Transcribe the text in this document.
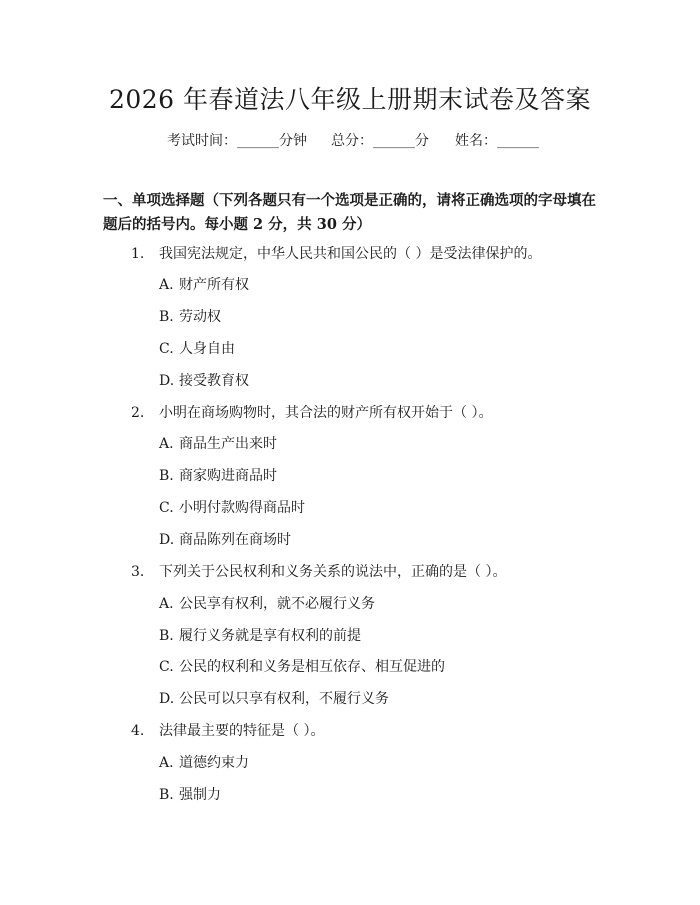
2026 年春道法八年级上册期末试卷及答案
考试时间：______分钟 总分：______分 姓名：______
一、单项选择题（下列各题只有一个选项是正确的，请将正确选项的字母填在题后的括号内。每小题 2 分，共 30 分）
1. 我国宪法规定，中华人民共和国公民的（ ）是受法律保护的。
A. 财产所有权
B. 劳动权
C. 人身自由
D. 接受教育权
2. 小明在商场购物时，其合法的财产所有权开始于（ ）。
A. 商品生产出来时
B. 商家购进商品时
C. 小明付款购得商品时
D. 商品陈列在商场时
3. 下列关于公民权利和义务关系的说法中，正确的是（ ）。
A. 公民享有权利，就不必履行义务
B. 履行义务就是享有权利的前提
C. 公民的权利和义务是相互依存、相互促进的
D. 公民可以只享有权利，不履行义务
4. 法律最主要的特征是（ ）。
A. 道德约束力
B. 强制力
